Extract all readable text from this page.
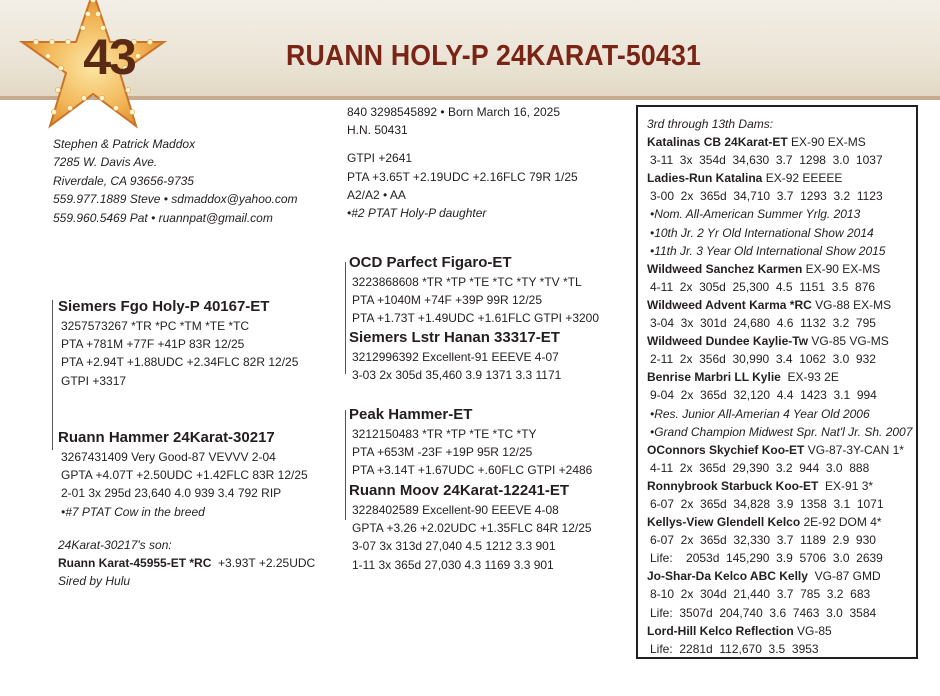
43	RUANN HOLY-P 24KARAT-50431
Stephen & Patrick Maddox
7285 W. Davis Ave.
Riverdale, CA 93656-9735
559.977.1889 Steve • sdmaddox@yahoo.com
559.960.5469 Pat • ruannpat@gmail.com
840 3298545892 • Born March 16, 2025
H.N. 50431
GTPI +2641
PTA +3.65T +2.19UDC +2.16FLC 79R 1/25
A2/A2 • AA
•#2 PTAT Holy-P daughter
Siemers Fgo Holy-P 40167-ET
3257573267 *TR *PC *TM *TE *TC
PTA +781M +77F +41P 83R 12/25
PTA +2.94T +1.88UDC +2.34FLC 82R 12/25
GTPI +3317
Ruann Hammer 24Karat-30217
3267431409 Very Good-87 VEVVV 2-04
GPTA +4.07T +2.50UDC +1.42FLC 83R 12/25
2-01 3x 295d 23,640 4.0 939 3.4 792 RIP
•#7 PTAT Cow in the breed
24Karat-30217's son:
Ruann Karat-45955-ET *RC  +3.93T +2.25UDC
Sired by Hulu
OCD Parfect Figaro-ET
3223868608 *TR *TP *TE *TC *TY *TV *TL
PTA +1040M +74F +39P 99R 12/25
PTA +1.73T +1.49UDC +1.61FLC GTPI +3200
Siemers Lstr Hanan 33317-ET
3212996392 Excellent-91 EEEVE 4-07
3-03 2x 305d 35,460 3.9 1371 3.3 1171
Peak Hammer-ET
3212150483 *TR *TP *TE *TC *TY
PTA +653M -23F +19P 95R 12/25
PTA +3.14T +1.67UDC +.60FLC GTPI +2486
Ruann Moov 24Karat-12241-ET
3228402589 Excellent-90 EEEVE 4-08
GPTA +3.26 +2.02UDC +1.35FLC 84R 12/25
3-07 3x 313d 27,040 4.5 1212 3.3 901
1-11 3x 365d 27,030 4.3 1169 3.3 901
3rd through 13th Dams:
Katalinas CB 24Karat-ET EX-90 EX-MS
3-11  3x  354d  34,630  3.7  1298  3.0  1037
Ladies-Run Katalina EX-92 EEEEE
3-00  2x  365d  34,710  3.7  1293  3.2  1123
•Nom. All-American Summer Yrlg. 2013
•10th Jr. 2 Yr Old International Show 2014
•11th Jr. 3 Year Old International Show 2015
Wildweed Sanchez Karmen EX-90 EX-MS
4-11  2x  305d  25,300  4.5  1151  3.5  876
Wildweed Advent Karma *RC VG-88 EX-MS
3-04  3x  301d  24,680  4.6  1132  3.2  795
Wildweed Dundee Kaylie-Tw VG-85 VG-MS
2-11  2x  356d  30,990  3.4  1062  3.0  932
Benrise Marbri LL Kylie  EX-93 2E
9-04  2x  365d  32,120  4.4  1423  3.1  994
•Res. Junior All-Amerian 4 Year Old 2006
•Grand Champion Midwest Spr. Nat'l Jr. Sh. 2007
OConnors Skychief Koo-ET VG-87-3Y-CAN 1*
4-11  2x  365d  29,390  3.2  944  3.0  888
Ronnybrook Starbuck Koo-ET  EX-91 3*
6-07  2x  365d  34,828  3.9  1358  3.1  1071
Kellys-View Glendell Kelco 2E-92 DOM 4*
6-07  2x  365d  32,330  3.7  1189  2.9  930
Life:    2053d  145,290  3.9  5706  3.0  2639
Jo-Shar-Da Kelco ABC Kelly  VG-87 GMD
8-10  2x  304d  21,440  3.7  785  3.2  683
Life:  3507d  204,740  3.6  7463  3.0  3584
Lord-Hill Kelco Reflection VG-85
Life:  2281d  112,670  3.5  3953
